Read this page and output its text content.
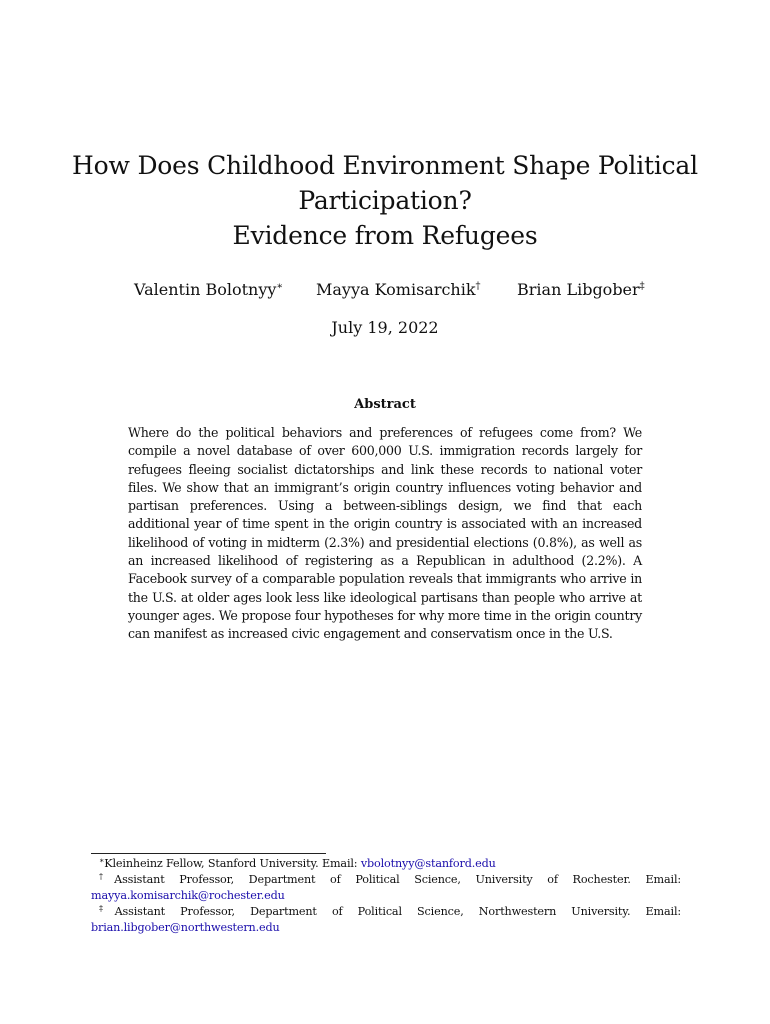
How Does Childhood Environment Shape Political
Participation?
Evidence from Refugees
Valentin Bolotnyy∗ Mayya Komisarchik† Brian Libgober‡
July 19, 2022
Abstract

Where do the political behaviors and preferences of refugees come from? We compile a novel database of over 600,000 U.S. immigration records largely for refugees fleeing socialist dictatorships and link these records to national voter files. We show that an immigrant’s origin country influences voting behavior and partisan preferences. Using a between-siblings design, we find that each additional year of time spent in the origin country is associated with an increased likelihood of voting in midterm (2.3%) and presidential elections (0.8%), as well as an increased likelihood of registering as a Republican in adulthood (2.2%). A Facebook survey of a comparable population reveals that immigrants who arrive in the U.S. at older ages look less like ideological partisans than people who arrive at younger ages. We propose four hypotheses for why more time in the origin country can manifest as increased civic engagement and conservatism once in the U.S.

∗Kleinheinz Fellow, Stanford University. Email: vbolotnyy@stanford.edu

†Assistant Professor, Department of Political Science, University of Rochester. Email:
mayya.komisarchik@rochester.edu

‡Assistant Professor, Department of Political Science, Northwestern University. Email:
brian.libgober@northwestern.edu
